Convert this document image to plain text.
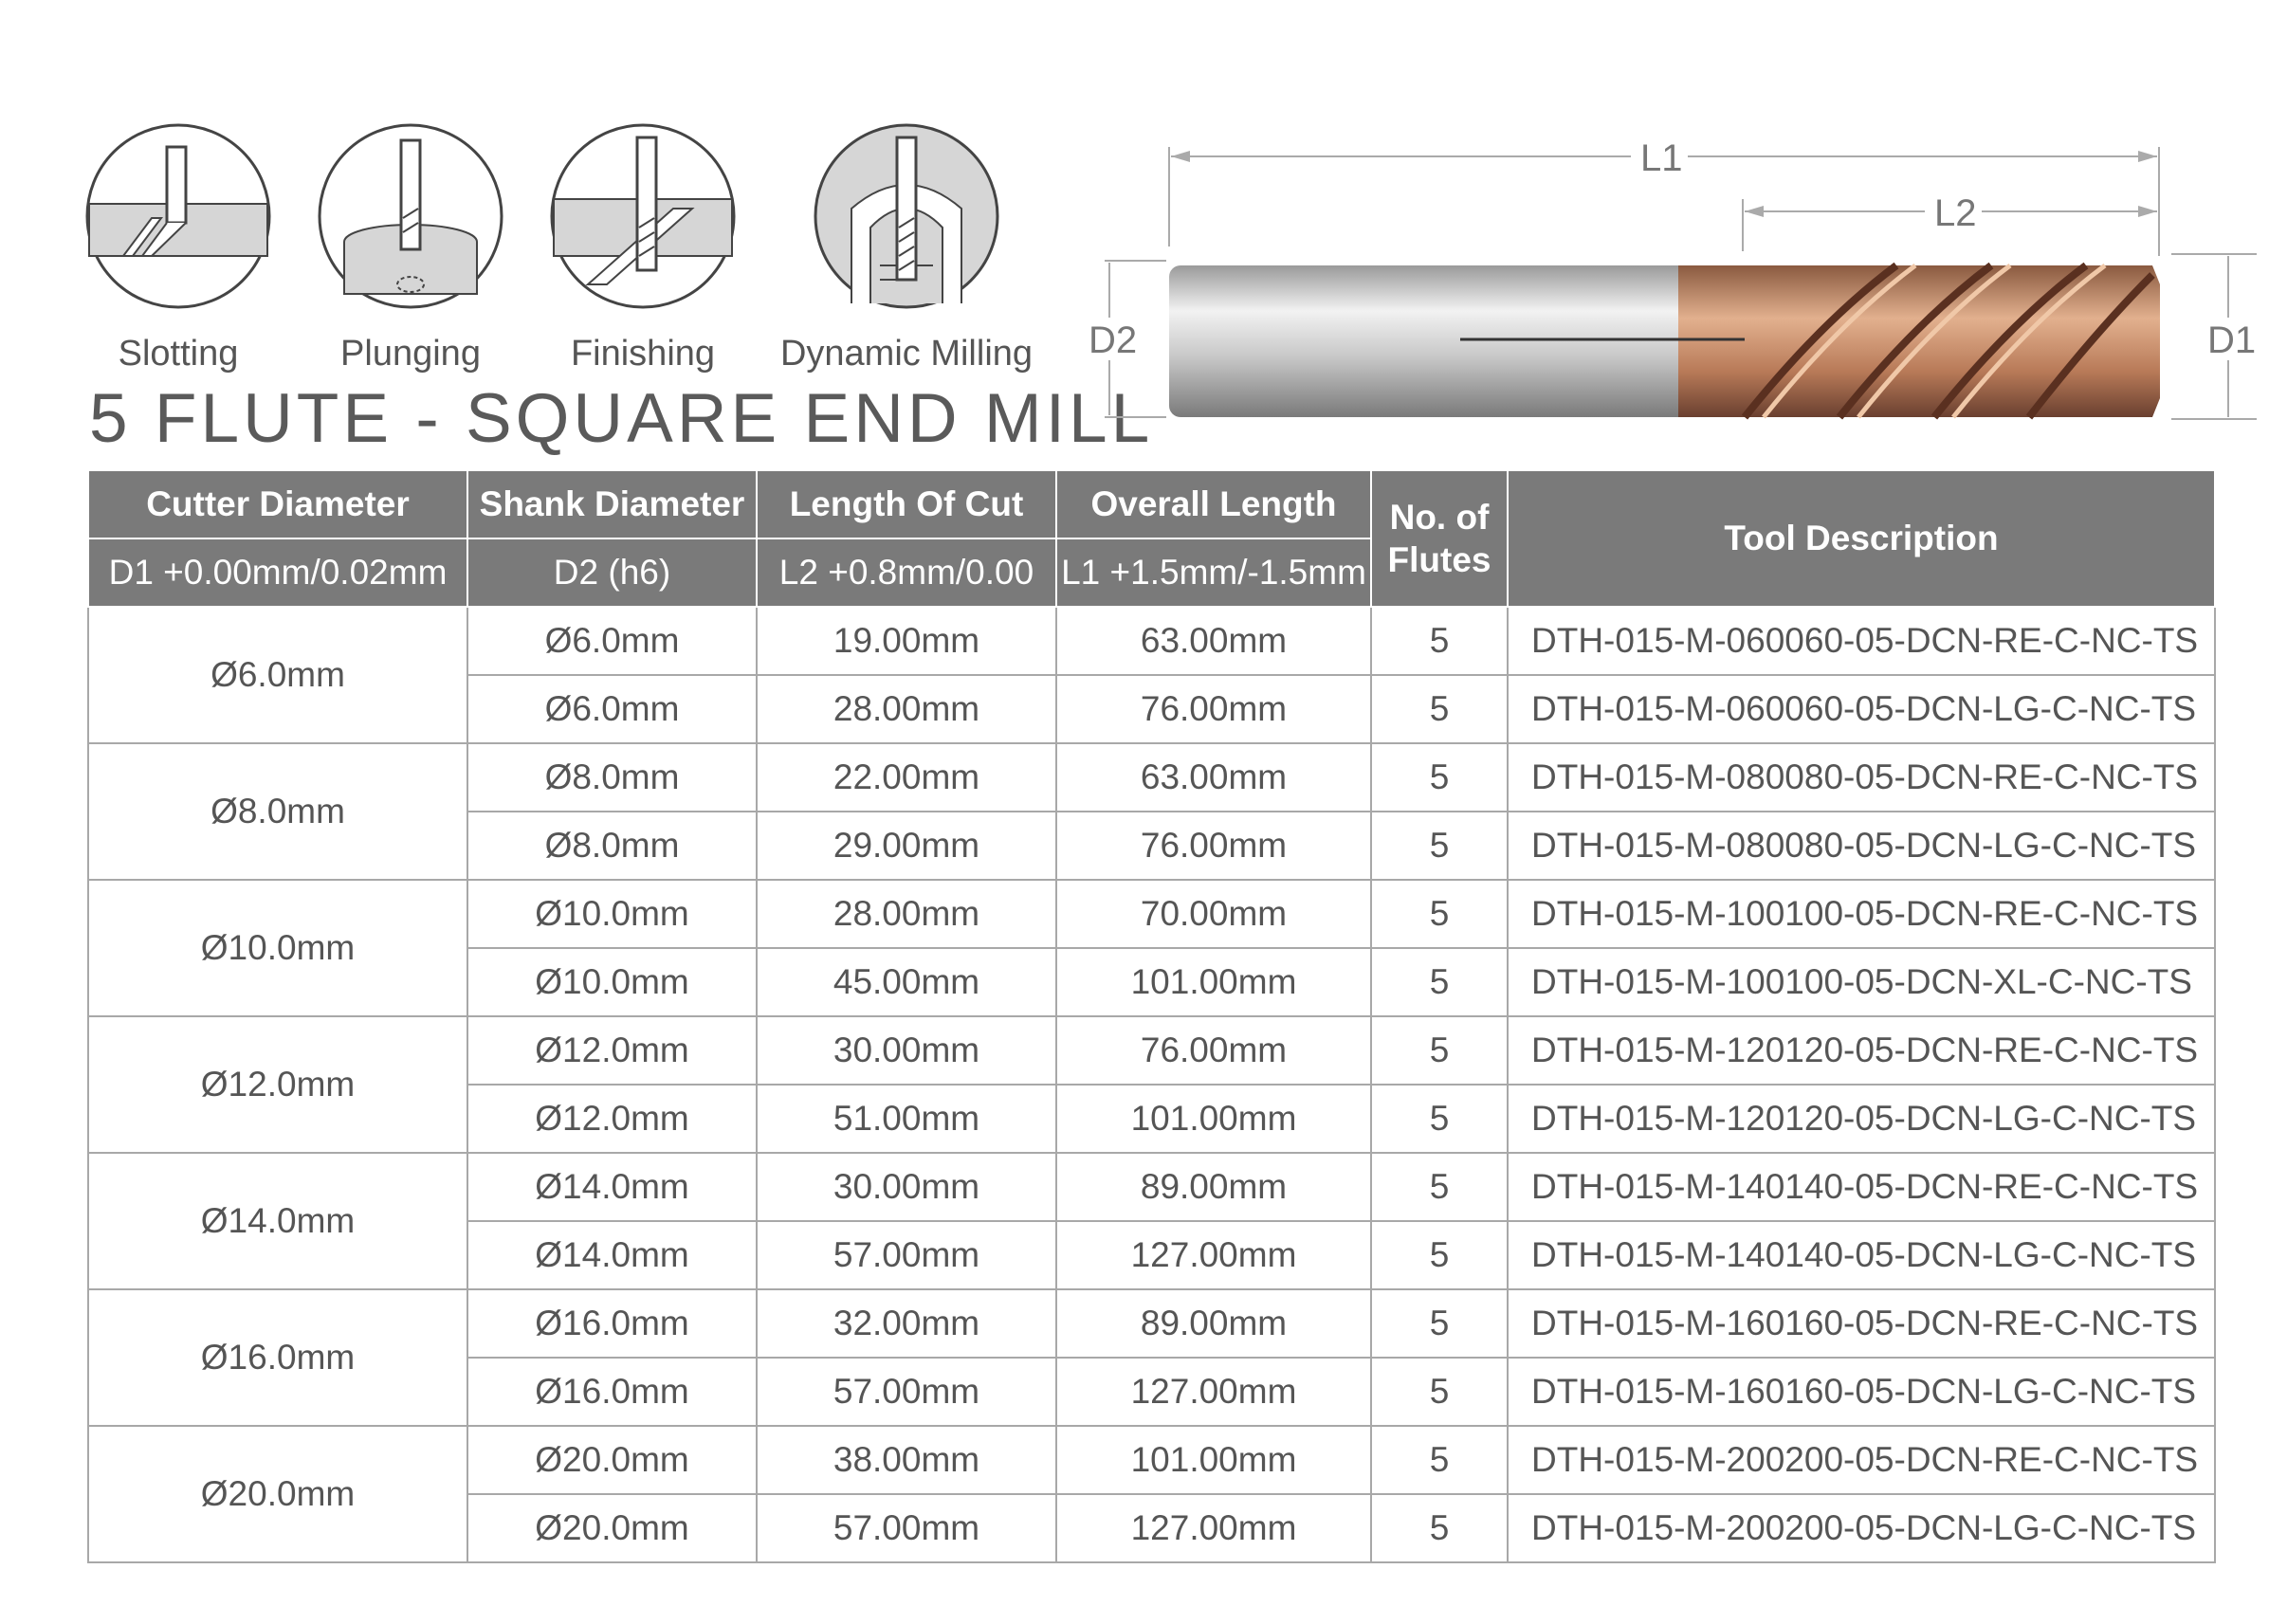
Slotting	Plunging	Finishing	Dynamic Milling
5 FLUTE - SQUARE END MILL
L1
L2
D2	D1
Cutter Diameter	Shank Diameter	Length Of Cut	Overall Length	No. of Flutes	Tool Description
D1 +0.00mm/0.02mm	D2 (h6)	L2 +0.8mm/0.00	L1 +1.5mm/-1.5mm		
Ø6.0mm	Ø6.0mm	19.00mm	63.00mm	5	DTH-015-M-060060-05-DCN-RE-C-NC-TS
	Ø6.0mm	28.00mm	76.00mm	5	DTH-015-M-060060-05-DCN-LG-C-NC-TS
Ø8.0mm	Ø8.0mm	22.00mm	63.00mm	5	DTH-015-M-080080-05-DCN-RE-C-NC-TS
	Ø8.0mm	29.00mm	76.00mm	5	DTH-015-M-080080-05-DCN-LG-C-NC-TS
Ø10.0mm	Ø10.0mm	28.00mm	70.00mm	5	DTH-015-M-100100-05-DCN-RE-C-NC-TS
	Ø10.0mm	45.00mm	101.00mm	5	DTH-015-M-100100-05-DCN-XL-C-NC-TS
Ø12.0mm	Ø12.0mm	30.00mm	76.00mm	5	DTH-015-M-120120-05-DCN-RE-C-NC-TS
	Ø12.0mm	51.00mm	101.00mm	5	DTH-015-M-120120-05-DCN-LG-C-NC-TS
Ø14.0mm	Ø14.0mm	30.00mm	89.00mm	5	DTH-015-M-140140-05-DCN-RE-C-NC-TS
	Ø14.0mm	57.00mm	127.00mm	5	DTH-015-M-140140-05-DCN-LG-C-NC-TS
Ø16.0mm	Ø16.0mm	32.00mm	89.00mm	5	DTH-015-M-160160-05-DCN-RE-C-NC-TS
	Ø16.0mm	57.00mm	127.00mm	5	DTH-015-M-160160-05-DCN-LG-C-NC-TS
Ø20.0mm	Ø20.0mm	38.00mm	101.00mm	5	DTH-015-M-200200-05-DCN-RE-C-NC-TS
	Ø20.0mm	57.00mm	127.00mm	5	DTH-015-M-200200-05-DCN-LG-C-NC-TS
